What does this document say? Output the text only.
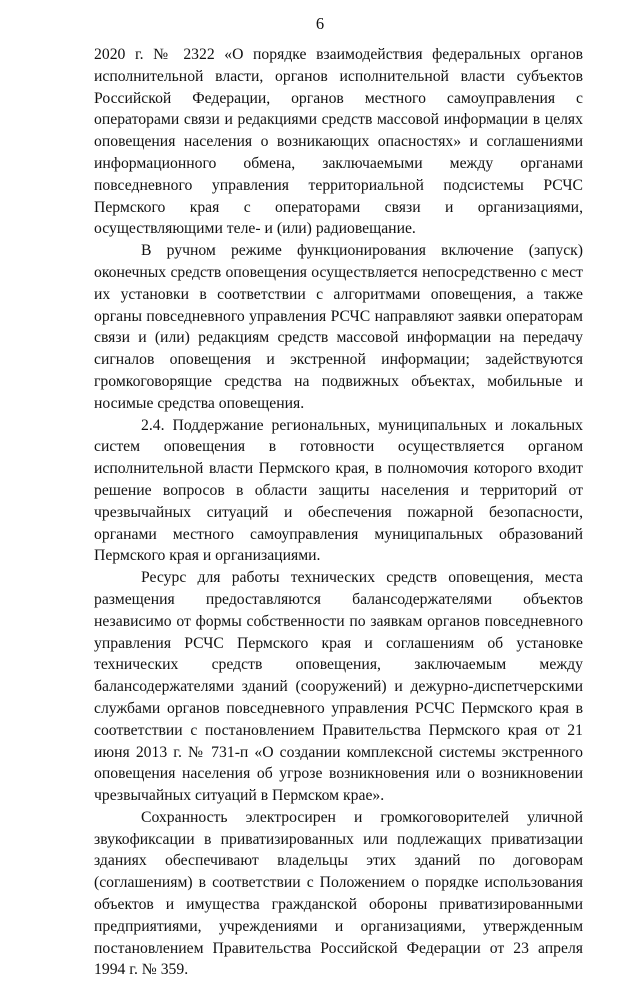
6

2020 г. № 2322 «О порядке взаимодействия федеральных органов исполнительной власти, органов исполнительной власти субъектов Российской Федерации, органов местного самоуправления с операторами связи и редакциями средств массовой информации в целях оповещения населения о возникающих опасностях» и соглашениями информационного обмена, заключаемыми между органами повседневного управления территориальной подсистемы РСЧС Пермского края с операторами связи и организациями, осуществляющими теле- и (или) радиовещание.

В ручном режиме функционирования включение (запуск) оконечных средств оповещения осуществляется непосредственно с мест их установки в соответствии с алгоритмами оповещения, а также органы повседневного управления РСЧС направляют заявки операторам связи и (или) редакциям средств массовой информации на передачу сигналов оповещения и экстренной информации; задействуются громкоговорящие средства на подвижных объектах, мобильные и носимые средства оповещения.

2.4. Поддержание региональных, муниципальных и локальных систем оповещения в готовности осуществляется органом исполнительной власти Пермского края, в полномочия которого входит решение вопросов в области защиты населения и территорий от чрезвычайных ситуаций и обеспечения пожарной безопасности, органами местного самоуправления муниципальных образований Пермского края и организациями.

Ресурс для работы технических средств оповещения, места размещения предоставляются балансодержателями объектов независимо от формы собственности по заявкам органов повседневного управления РСЧС Пермского края и соглашениям об установке технических средств оповещения, заключаемым между балансодержателями зданий (сооружений) и дежурно-диспетчерскими службами органов повседневного управления РСЧС Пермского края в соответствии с постановлением Правительства Пермского края от 21 июня 2013 г. № 731-п «О создании комплексной системы экстренного оповещения населения об угрозе возникновения или о возникновении чрезвычайных ситуаций в Пермском крае».

Сохранность электросирен и громкоговорителей уличной звукофиксации в приватизированных или подлежащих приватизации зданиях обеспечивают владельцы этих зданий по договорам (соглашениям) в соответствии с Положением о порядке использования объектов и имущества гражданской обороны приватизированными предприятиями, учреждениями и организациями, утвержденным постановлением Правительства Российской Федерации от 23 апреля 1994 г. № 359.
